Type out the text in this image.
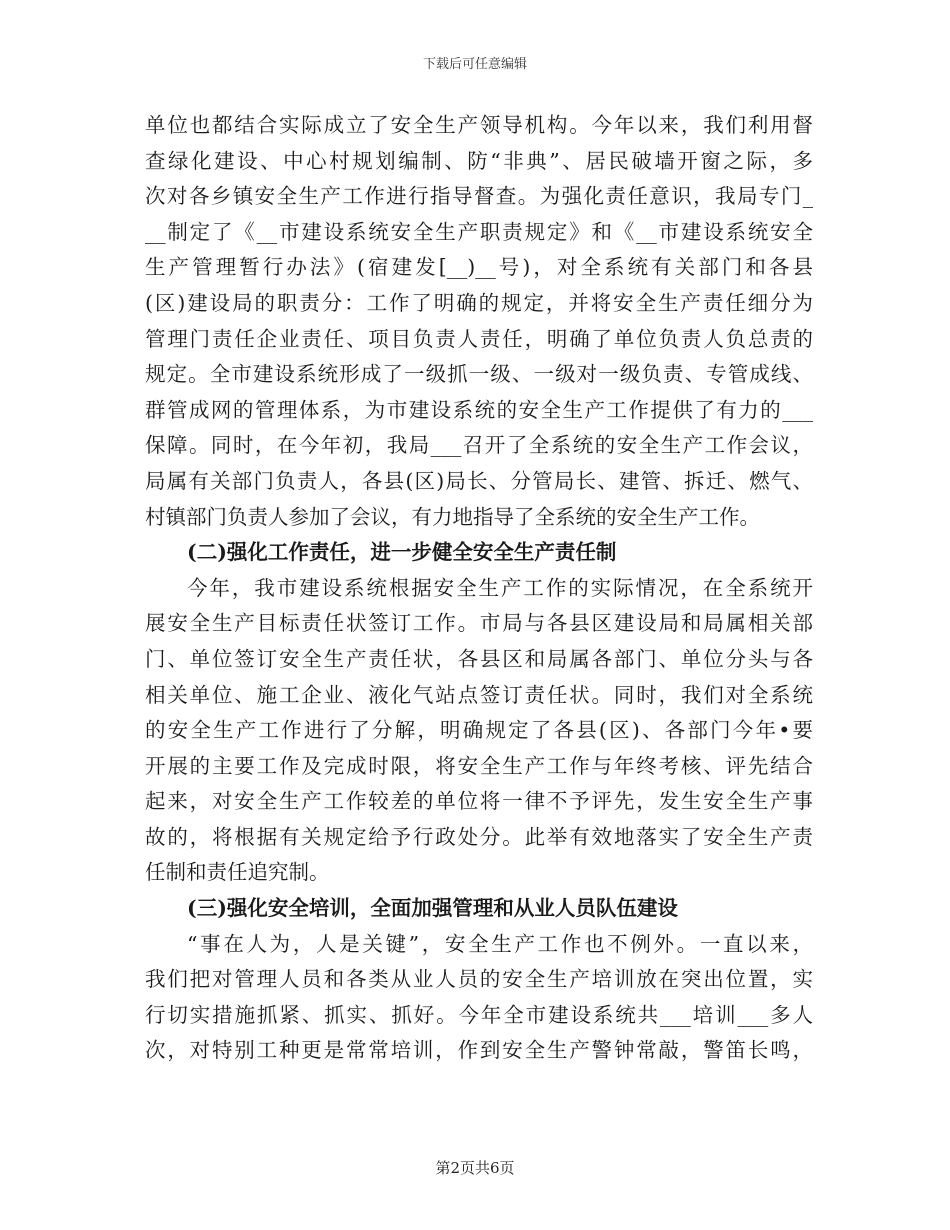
下载后可任意编辑
单位也都结合实际成立了安全生产领导机构。今年以来，我们利用督
查绿化建设、中心村规划编制、防“非典”、居民破墙开窗之际，多
次对各乡镇安全生产工作进行指导督查。为强化责任意识，我局专门_
__制定了《__市建设系统安全生产职责规定》和《__市建设系统安全
生产管理暂行办法》(宿建发[__)__号)，对全系统有关部门和各县
(区)建设局的职责分：工作了明确的规定，并将安全生产责任细分为
管理门责任企业责任、项目负责人责任，明确了单位负责人负总责的
规定。全市建设系统形成了一级抓一级、一级对一级负责、专管成线、
群管成网的管理体系，为市建设系统的安全生产工作提供了有力的___
保障。同时，在今年初，我局___召开了全系统的安全生产工作会议，
局属有关部门负责人，各县(区)局长、分管局长、建管、拆迁、燃气、
村镇部门负责人参加了会议，有力地指导了全系统的安全生产工作。
(二)强化工作责任，进一步健全安全生产责任制
今年，我市建设系统根据安全生产工作的实际情况，在全系统开
展安全生产目标责任状签订工作。市局与各县区建设局和局属相关部
门、单位签订安全生产责任状，各县区和局属各部门、单位分头与各
相关单位、施工企业、液化气站点签订责任状。同时，我们对全系统
的安全生产工作进行了分解，明确规定了各县(区)、各部门今年•要
开展的主要工作及完成时限，将安全生产工作与年终考核、评先结合
起来，对安全生产工作较差的单位将一律不予评先，发生安全生产事
故的，将根据有关规定给予行政处分。此举有效地落实了安全生产责
任制和责任追究制。
(三)强化安全培训，全面加强管理和从业人员队伍建设
“事在人为，人是关键”，安全生产工作也不例外。一直以来，
我们把对管理人员和各类从业人员的安全生产培训放在突出位置，实
行切实措施抓紧、抓实、抓好。今年全市建设系统共___培训___多人
次，对特别工种更是常常培训，作到安全生产警钟常敲，警笛长鸣，
第2页共6页
